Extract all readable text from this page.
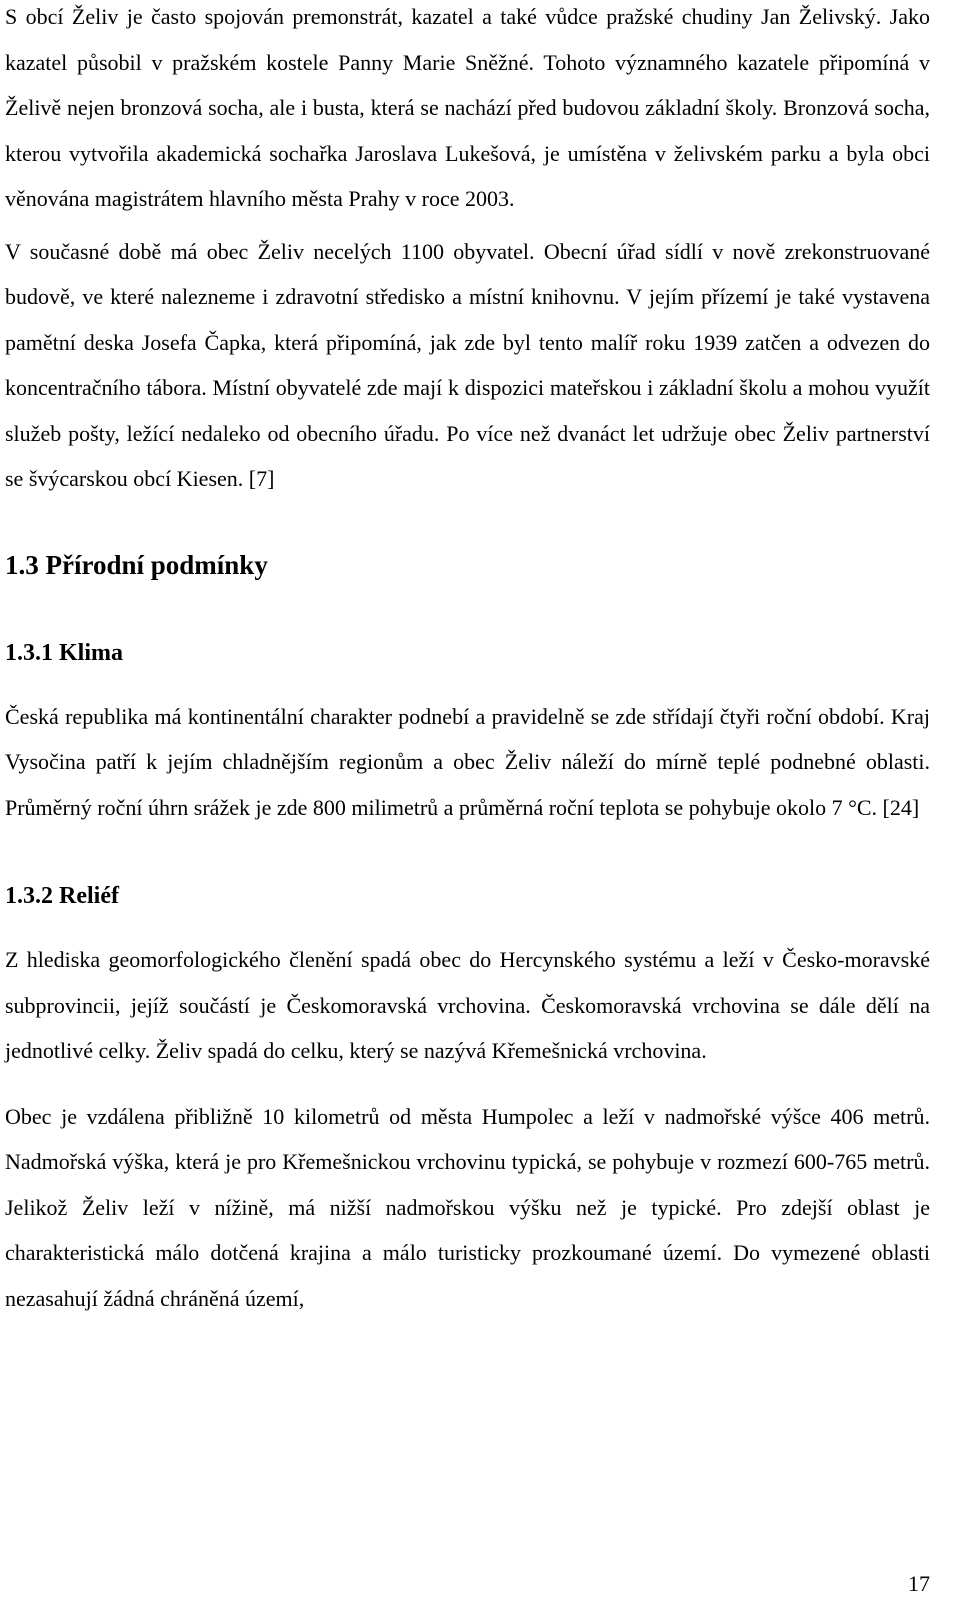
S obcí Želiv je často spojován premonstrát, kazatel a také vůdce pražské chudiny Jan Želivský. Jako kazatel působil v pražském kostele Panny Marie Sněžné. Tohoto významného kazatele připomíná v Želivě nejen bronzová socha, ale i busta, která se nachází před budovou základní školy. Bronzová socha, kterou vytvořila akademická sochařka Jaroslava Lukešová, je umístěna v želivském parku a byla obci věnována magistrátem hlavního města Prahy v roce 2003.

V současné době má obec Želiv necelých 1100 obyvatel. Obecní úřad sídlí v nově zrekonstruované budově, ve které nalezneme i zdravotní středisko a místní knihovnu. V jejím přízemí je také vystavena pamětní deska Josefa Čapka, která připomíná, jak zde byl tento malíř roku 1939 zatčen a odvezen do koncentračního tábora. Místní obyvatelé zde mají k dispozici mateřskou i základní školu a mohou využít služeb pošty, ležící nedaleko od obecního úřadu. Po více než dvanáct let udržuje obec Želiv partnerství se švýcarskou obcí Kiesen. [7]

1.3 Přírodní podmínky
1.3.1 Klima

Česká republika má kontinentální charakter podnebí a pravidelně se zde střídají čtyři roční období. Kraj Vysočina patří k jejím chladnějším regionům a obec Želiv náleží do mírně teplé podnebné oblasti. Průměrný roční úhrn srážek je zde 800 milimetrů a průměrná roční teplota se pohybuje okolo 7 °C. [24]

1.3.2 Reliéf

Z hlediska geomorfologického členění spadá obec do Hercynského systému a leží v Česko-moravské subprovincii, jejíž součástí je Českomoravská vrchovina. Českomoravská vrchovina se dále dělí na jednotlivé celky. Želiv spadá do celku, který se nazývá Křemešnická vrchovina.

Obec je vzdálena přibližně 10 kilometrů od města Humpolec a leží v nadmořské výšce 406 metrů. Nadmořská výška, která je pro Křemešnickou vrchovinu typická, se pohybuje v rozmezí 600-765 metrů. Jelikož Želiv leží v nížině, má nižší nadmořskou výšku než je typické. Pro zdejší oblast je charakteristická málo dotčená krajina a málo turisticky prozkoumané území. Do vymezené oblasti nezasahují žádná chráněná území,

17
